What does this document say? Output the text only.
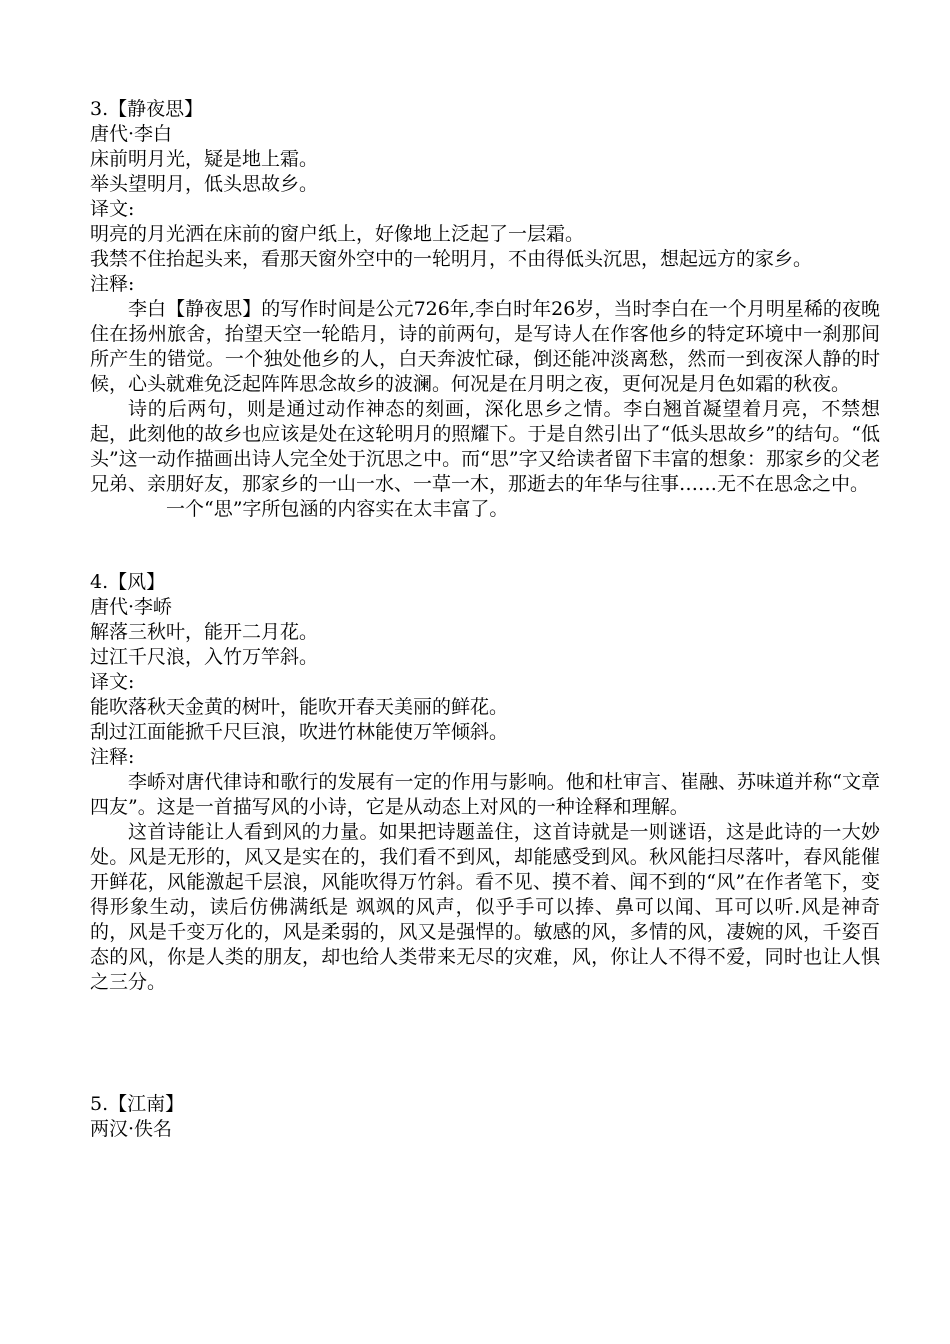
3.【静夜思】
唐代·李白
床前明月光，疑是地上霜。
举头望明月，低头思故乡。
译文:

明亮的月光洒在床前的窗户纸上，好像地上泛起了一层霜。

我禁不住抬起头来，看那天窗外空中的一轮明月，不由得低头沉思，想起远方的家乡。

注释:

李白【静夜思】的写作时间是公元726年,李白时年26岁，当时李白在一个月明星稀的夜晚住在扬州旅舍，抬望天空一轮皓月，诗的前两句，是写诗人在作客他乡的特定环境中一刹那间所产生的错觉。一个独处他乡的人，白天奔波忙碌，倒还能冲淡离愁，然而一到夜深人静的时候，心头就难免泛起阵阵思念故乡的波澜。何况是在月明之夜，更何况是月色如霜的秋夜。

诗的后两句，则是通过动作神态的刻画，深化思乡之情。李白翘首凝望着月亮，不禁想起，此刻他的故乡也应该是处在这轮明月的照耀下。于是自然引出了“低头思故乡”的结句。“低头”这一动作描画出诗人完全处于沉思之中。而“思”字又给读者留下丰富的想象：那家乡的父老兄弟、亲朋好友，那家乡的一山一水、一草一木，那逝去的年华与往事……无不在思念之中。

一个“思”字所包涵的内容实在太丰富了。

4.【风】
唐代·李峤
解落三秋叶，能开二月花。
过江千尺浪，入竹万竿斜。
译文:
能吹落秋天金黄的树叶，能吹开春天美丽的鲜花。
刮过江面能掀千尺巨浪，吹进竹林能使万竿倾斜。
注释:

李峤对唐代律诗和歌行的发展有一定的作用与影响。他和杜审言、崔融、苏味道并称“文章四友”。这是一首描写风的小诗，它是从动态上对风的一种诠释和理解。

这首诗能让人看到风的力量。如果把诗题盖住，这首诗就是一则谜语，这是此诗的一大妙处。风是无形的，风又是实在的，我们看不到风，却能感受到风。秋风能扫尽落叶，春风能催开鲜花，风能激起千层浪，风能吹得万竹斜。看不见、摸不着、闻不到的“风”在作者笔下，变得形象生动，读后仿佛满纸是 飒飒的风声，似乎手可以捧、鼻可以闻、耳可以听.风是神奇的，风是千变万化的，风是柔弱的，风又是强悍的。敏感的风，多情的风，凄婉的风，千姿百态的风，你是人类的朋友，却也给人类带来无尽的灾难，风，你让人不得不爱，同时也让人惧之三分。

5.【江南】
两汉·佚名
